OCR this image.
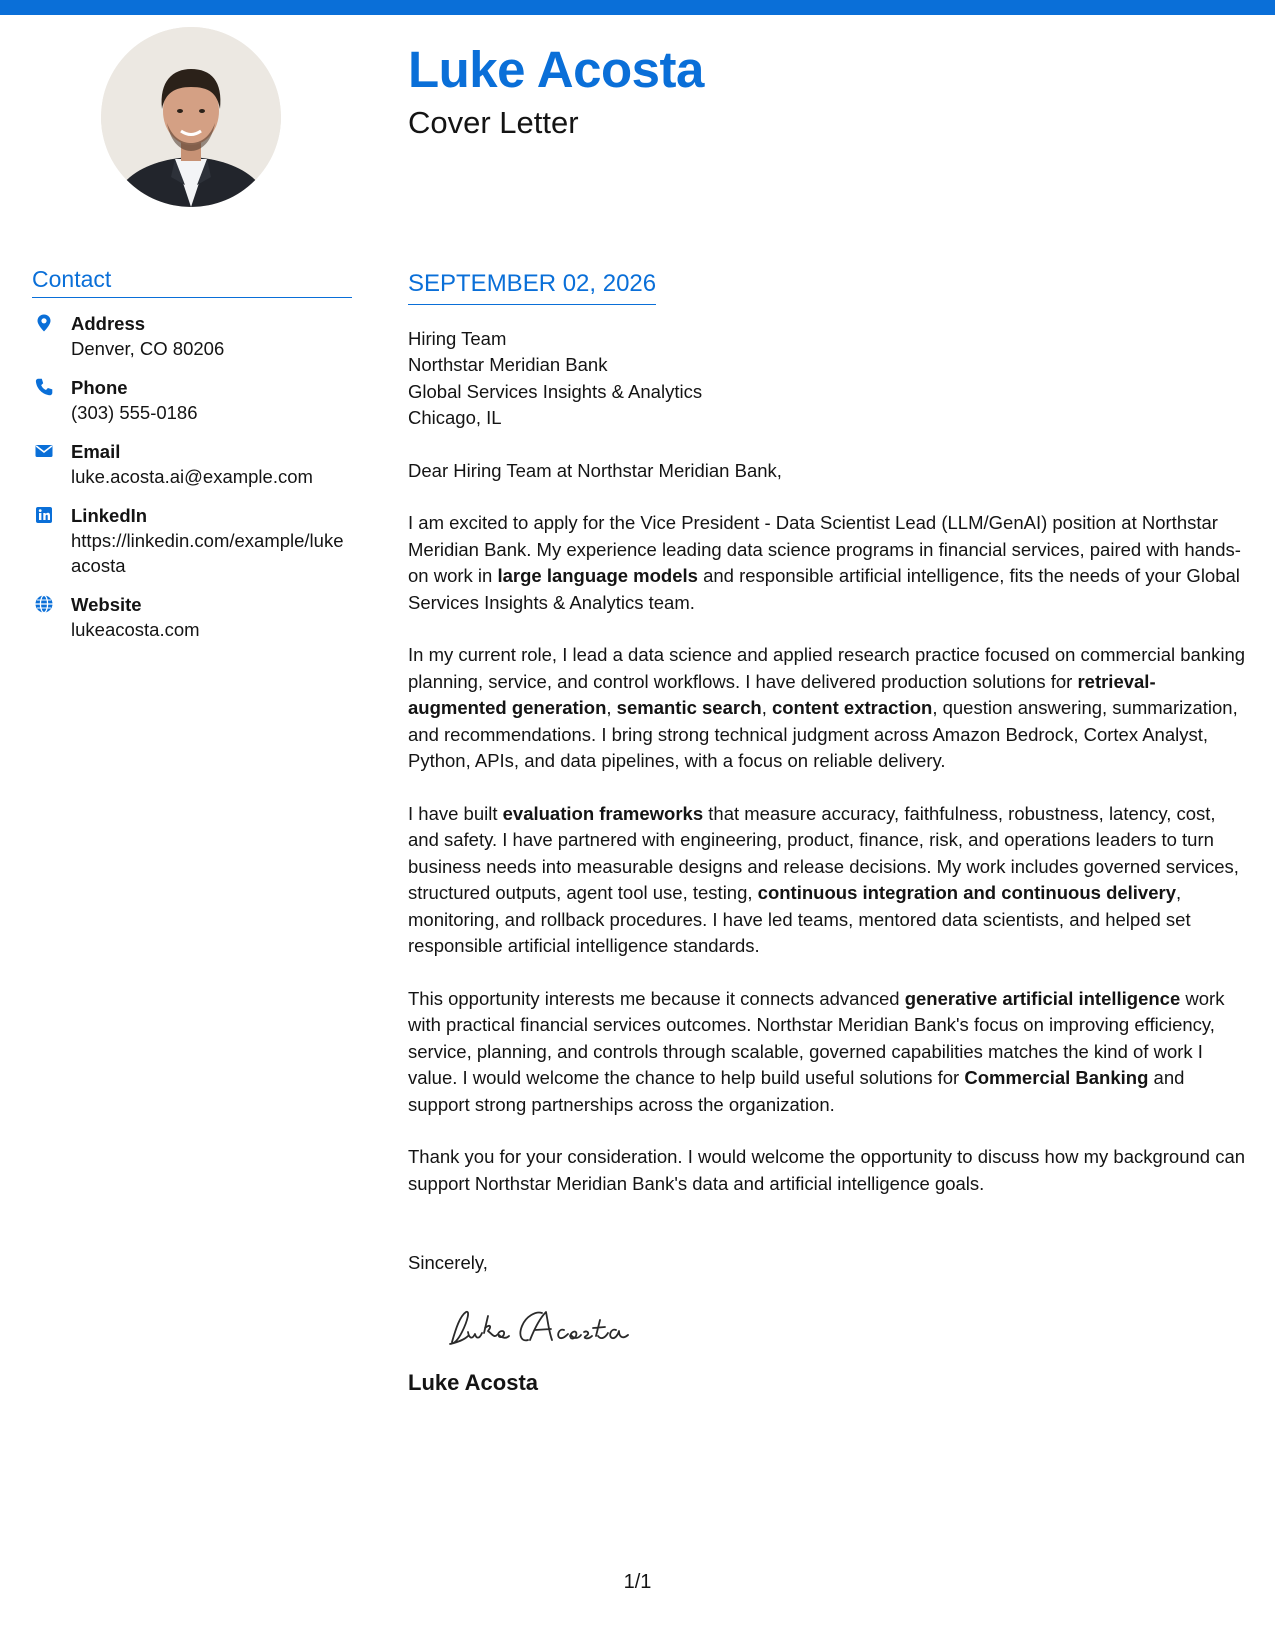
Luke Acosta
Cover Letter
Contact
Address
Denver, CO 80206
Phone
(303) 555-0186
Email
luke.acosta.ai@example.com
LinkedIn
https://linkedin.com/example/lukeacosta
Website
lukeacosta.com
SEPTEMBER 02, 2026
Hiring Team
Northstar Meridian Bank
Global Services Insights & Analytics
Chicago, IL
Dear Hiring Team at Northstar Meridian Bank,

I am excited to apply for the Vice President - Data Scientist Lead (LLM/GenAI) position at Northstar Meridian Bank. My experience leading data science programs in financial services, paired with hands-on work in large language models and responsible artificial intelligence, fits the needs of your Global Services Insights & Analytics team.

In my current role, I lead a data science and applied research practice focused on commercial banking planning, service, and control workflows. I have delivered production solutions for retrieval-augmented generation, semantic search, content extraction, question answering, summarization, and recommendations. I bring strong technical judgment across Amazon Bedrock, Cortex Analyst, Python, APIs, and data pipelines, with a focus on reliable delivery.

I have built evaluation frameworks that measure accuracy, faithfulness, robustness, latency, cost, and safety. I have partnered with engineering, product, finance, risk, and operations leaders to turn business needs into measurable designs and release decisions. My work includes governed services, structured outputs, agent tool use, testing, continuous integration and continuous delivery, monitoring, and rollback procedures. I have led teams, mentored data scientists, and helped set responsible artificial intelligence standards.

This opportunity interests me because it connects advanced generative artificial intelligence work with practical financial services outcomes. Northstar Meridian Bank's focus on improving efficiency, service, planning, and controls through scalable, governed capabilities matches the kind of work I value. I would welcome the chance to help build useful solutions for Commercial Banking and support strong partnerships across the organization.

Thank you for your consideration. I would welcome the opportunity to discuss how my background can support Northstar Meridian Bank's data and artificial intelligence goals.

Sincerely,
Luke Acosta
1/1
